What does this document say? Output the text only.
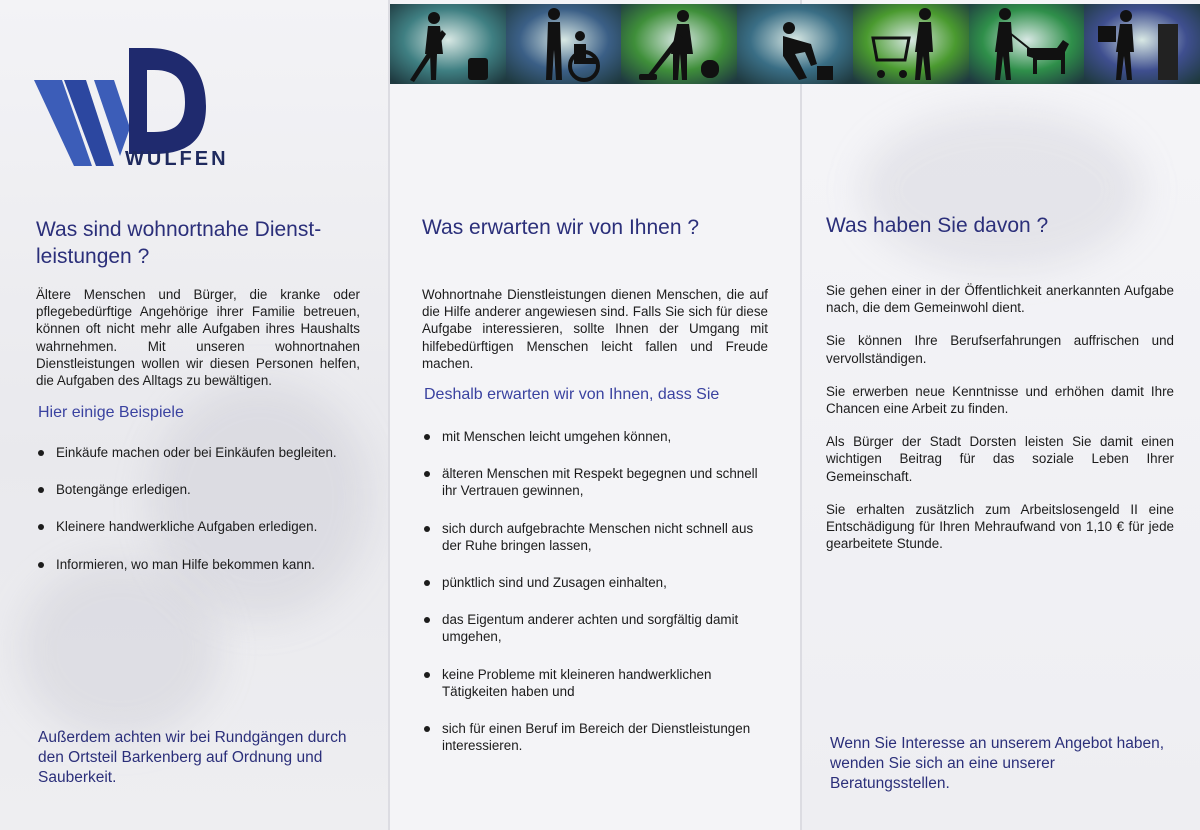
WULFEN
Was sind wohnortnahe Dienst-
leistungen ?

Ältere Menschen und Bürger, die kranke oder pflegebedürftige Angehörige ihrer Familie betreuen, können oft nicht mehr alle Aufgaben ihres Haushalts wahrnehmen. Mit unseren wohnortnahen Dienstleistungen wollen wir diesen Personen helfen, die Aufgaben des Alltags zu bewältigen.

Hier einige Beispiele
Einkäufe machen oder bei Einkäufen begleiten.
Botengänge erledigen.
Kleinere handwerkliche Aufgaben erledigen.
Informieren, wo man Hilfe bekommen kann.
Außerdem achten wir bei Rundgängen durch den Ortsteil Barkenberg auf Ordnung und Sauberkeit.
Was erwarten wir von Ihnen ?

Wohnortnahe Dienstleistungen dienen Menschen, die auf die Hilfe anderer angewiesen sind. Falls Sie sich für diese Aufgabe interessieren, sollte Ihnen der Umgang mit hilfebedürftigen Menschen leicht fallen und Freude machen.

Deshalb erwarten wir von Ihnen, dass Sie
mit Menschen leicht umgehen können,
älteren Menschen mit Respekt begegnen und schnell ihr Vertrauen gewinnen,
sich durch aufgebrachte Menschen nicht schnell aus der Ruhe bringen lassen,
pünktlich sind und Zusagen einhalten,
das Eigentum anderer achten und sorgfältig damit umgehen,
keine Probleme mit kleineren handwerklichen Tätigkeiten haben und
sich für einen Beruf im Bereich der Dienstleistungen interessieren.
Was haben Sie davon ?

Sie gehen einer in der Öffentlichkeit anerkannten Aufgabe nach, die dem Gemeinwohl dient.

Sie können Ihre Berufserfahrungen auffrischen und vervollständigen.

Sie erwerben neue Kenntnisse und erhöhen damit Ihre Chancen eine Arbeit zu finden.

Als Bürger der Stadt Dorsten leisten Sie damit einen wichtigen Beitrag für das soziale Leben Ihrer Gemeinschaft.

Sie erhalten zusätzlich zum Arbeitslosengeld II eine Entschädigung für Ihren Mehraufwand von 1,10 € für jede gearbeitete Stunde.

Wenn Sie Interesse an unserem Angebot haben, wenden Sie sich an eine unserer Beratungsstellen.
